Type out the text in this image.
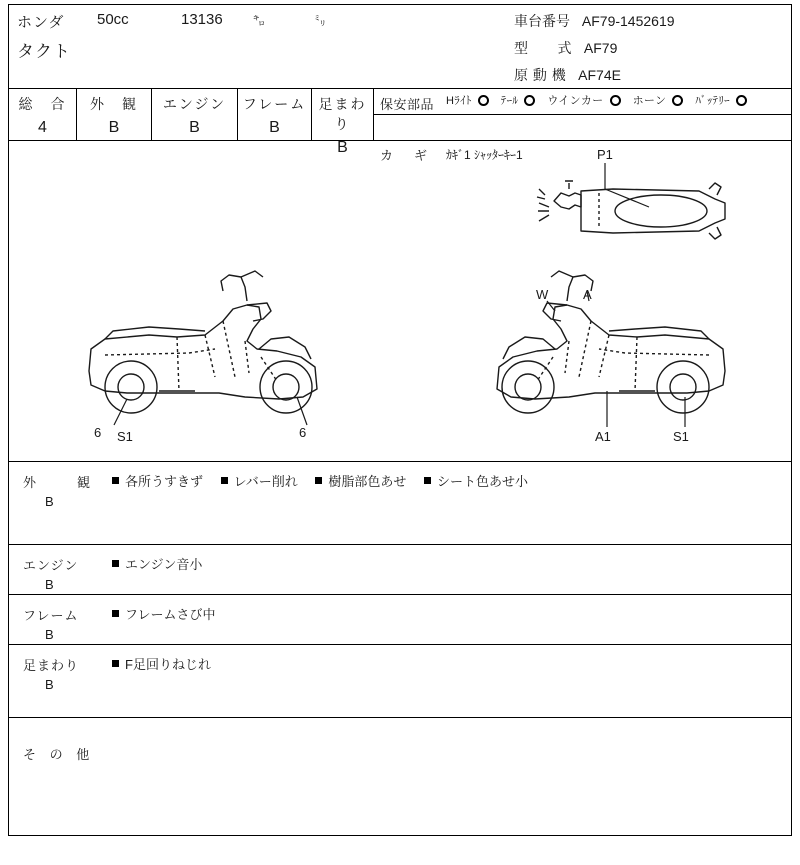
ホンダ
タクト
50cc	13136	㌔	㍉	車台番号 AF79-1452619
型　　式 AF79
原 動 機 AF74E
総　合
4
外　観
B
エンジン
B
フレーム
B
足まわり
B
保安部品 Hﾗｲﾄ	ﾃｰﾙ	ウインカー	ホーン	ﾊﾞｯﾃﾘｰ
カ　ギ ｶｷﾞ1 ｼｬｯﾀｰｷｰ1	P1
W	A
6 S1	6	A1	S1
外　　観
B
各所うすきず レバー削れ 樹脂部色あせ シート色あせ小
エンジン
B
エンジン音小
フレーム
B
フレームさび中
足まわり
B
F足回りねじれ
そ の 他
